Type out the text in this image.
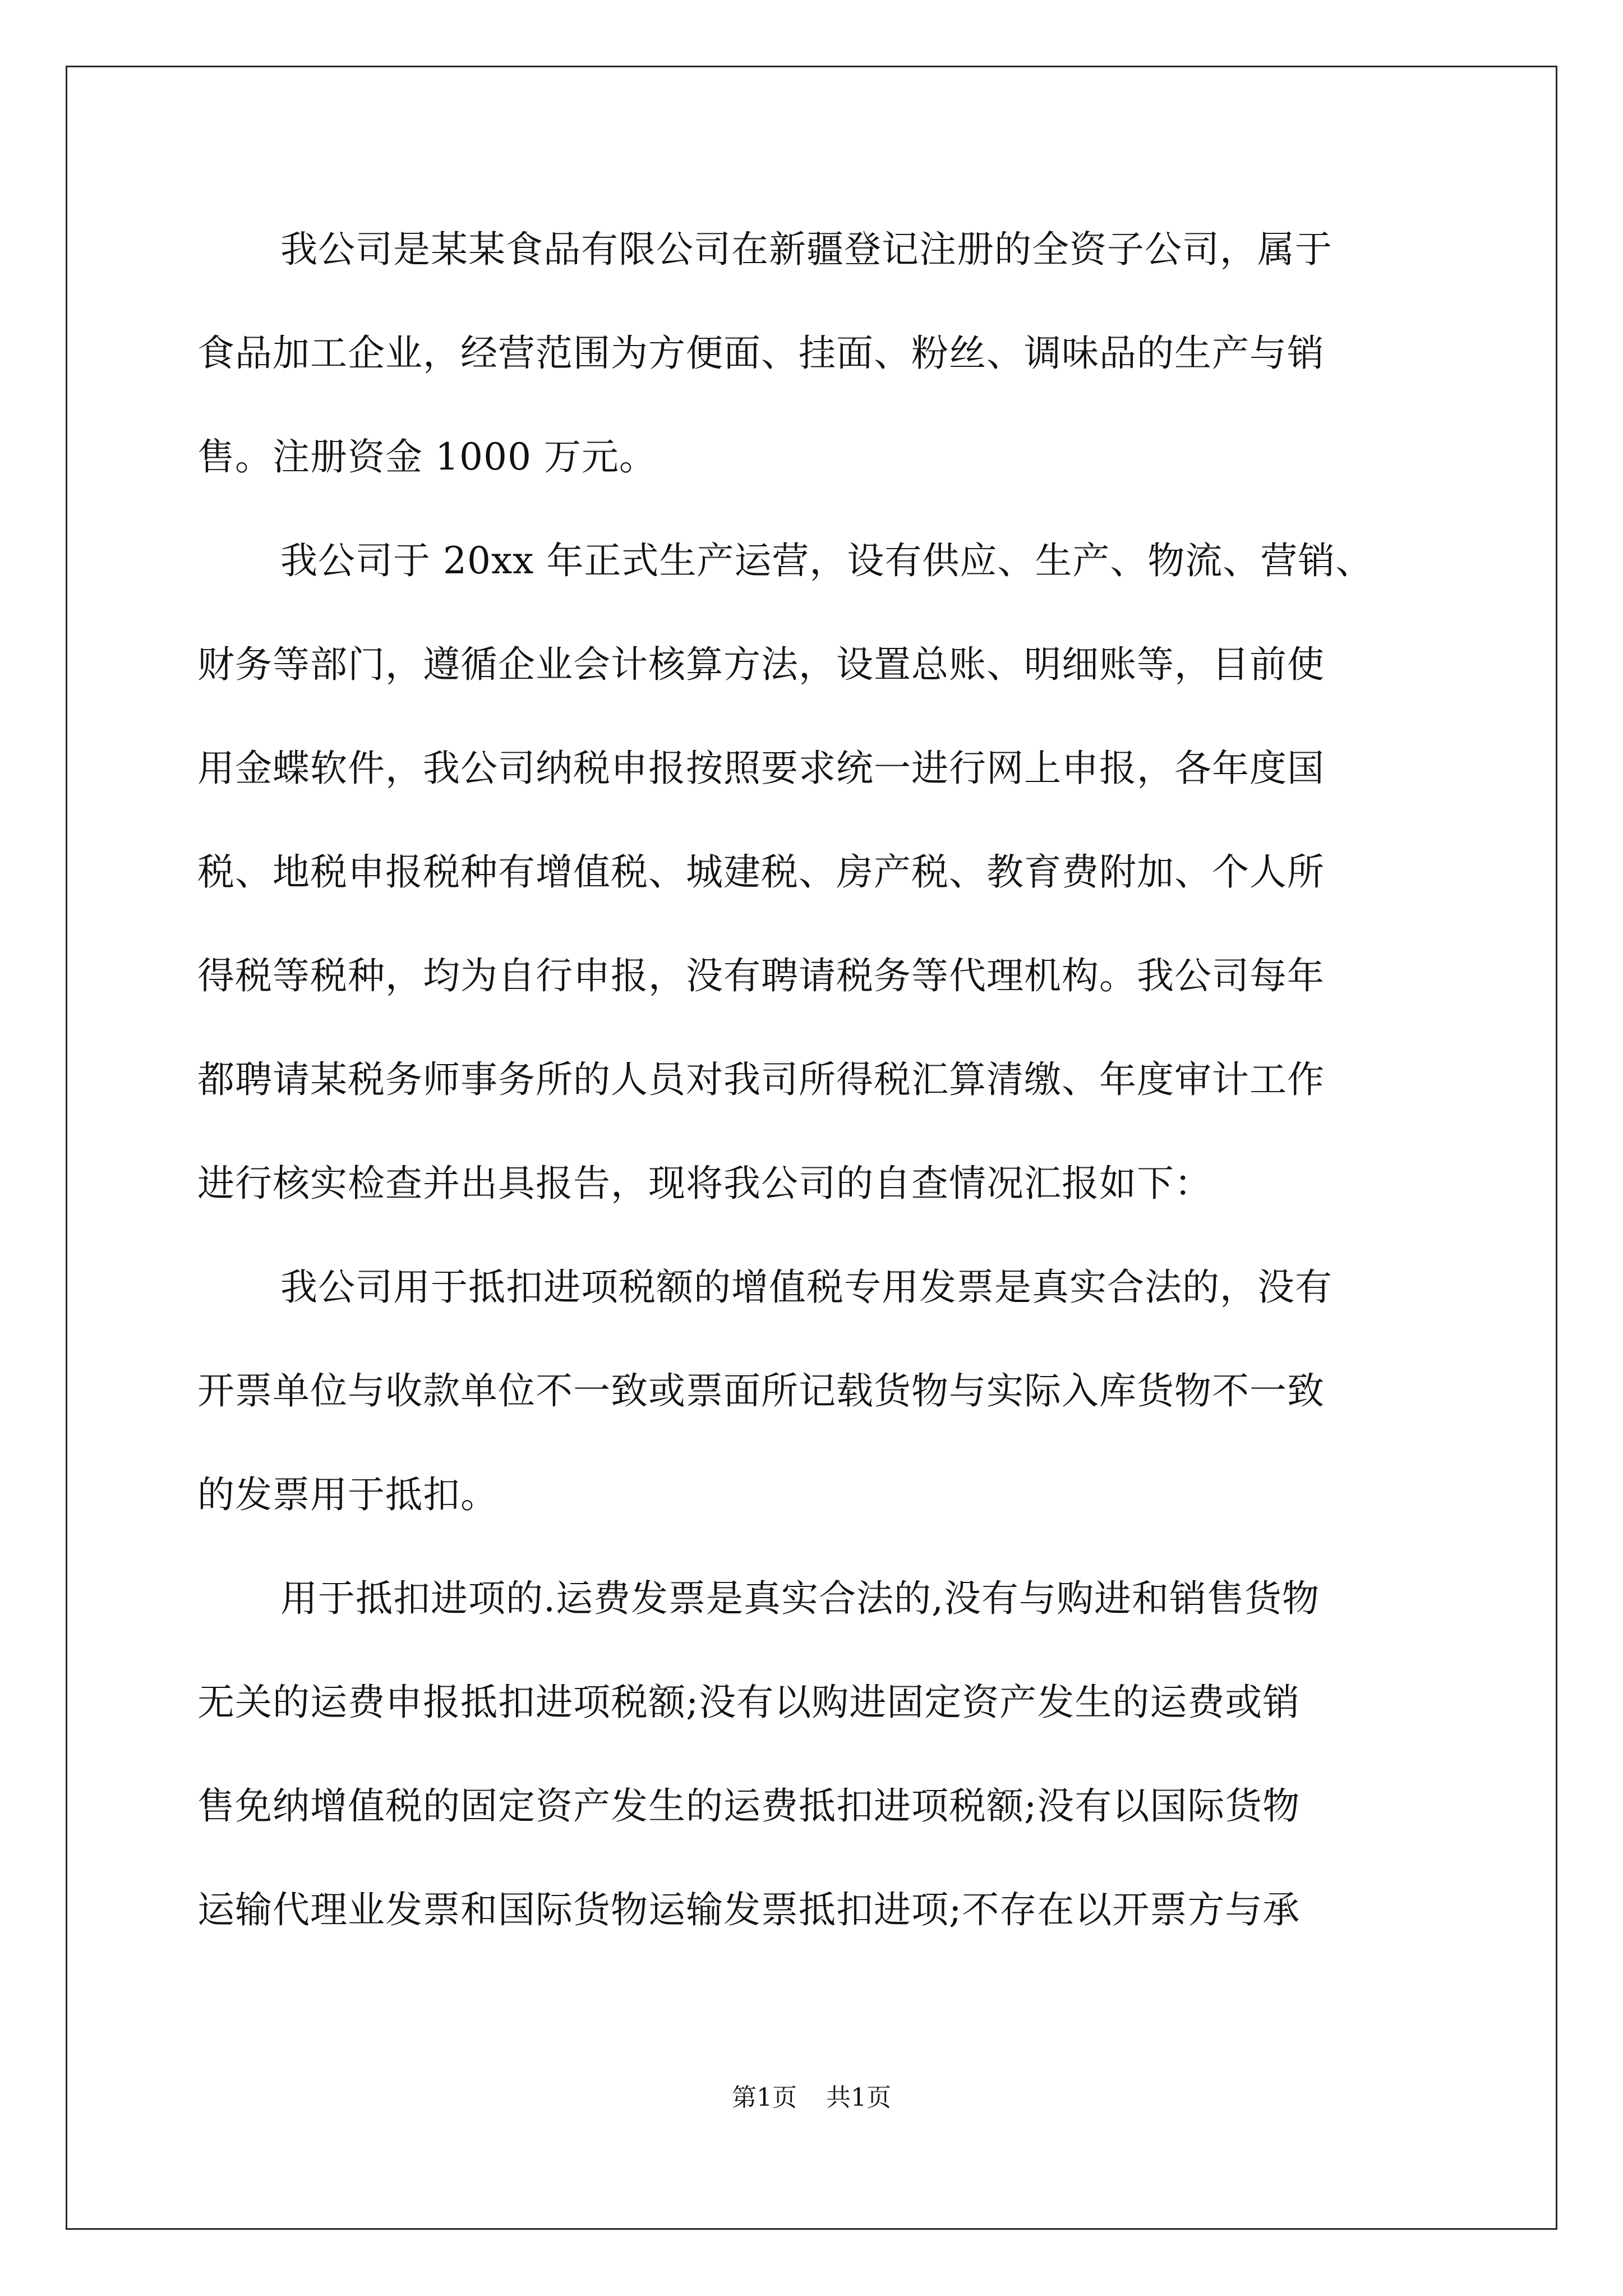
我公司是某某食品有限公司在新疆登记注册的全资子公司，属于
食品加工企业，经营范围为方便面、挂面、粉丝、调味品的生产与销
售。注册资金 1000 万元。
我公司于 20xx 年正式生产运营，设有供应、生产、物流、营销、
财务等部门，遵循企业会计核算方法，设置总账、明细账等，目前使
用金蝶软件，我公司纳税申报按照要求统一进行网上申报，各年度国
税、地税申报税种有增值税、城建税、房产税、教育费附加、个人所
得税等税种，均为自行申报，没有聘请税务等代理机构。我公司每年
都聘请某税务师事务所的人员对我司所得税汇算清缴、年度审计工作
进行核实检查并出具报告，现将我公司的自查情况汇报如下：
我公司用于抵扣进项税额的增值税专用发票是真实合法的，没有
开票单位与收款单位不一致或票面所记载货物与实际入库货物不一致
的发票用于抵扣。
用于抵扣进项的.运费发票是真实合法的,没有与购进和销售货物
无关的运费申报抵扣进项税额;没有以购进固定资产发生的运费或销
售免纳增值税的固定资产发生的运费抵扣进项税额;没有以国际货物
运输代理业发票和国际货物运输发票抵扣进项;不存在以开票方与承
第1页 共1页
